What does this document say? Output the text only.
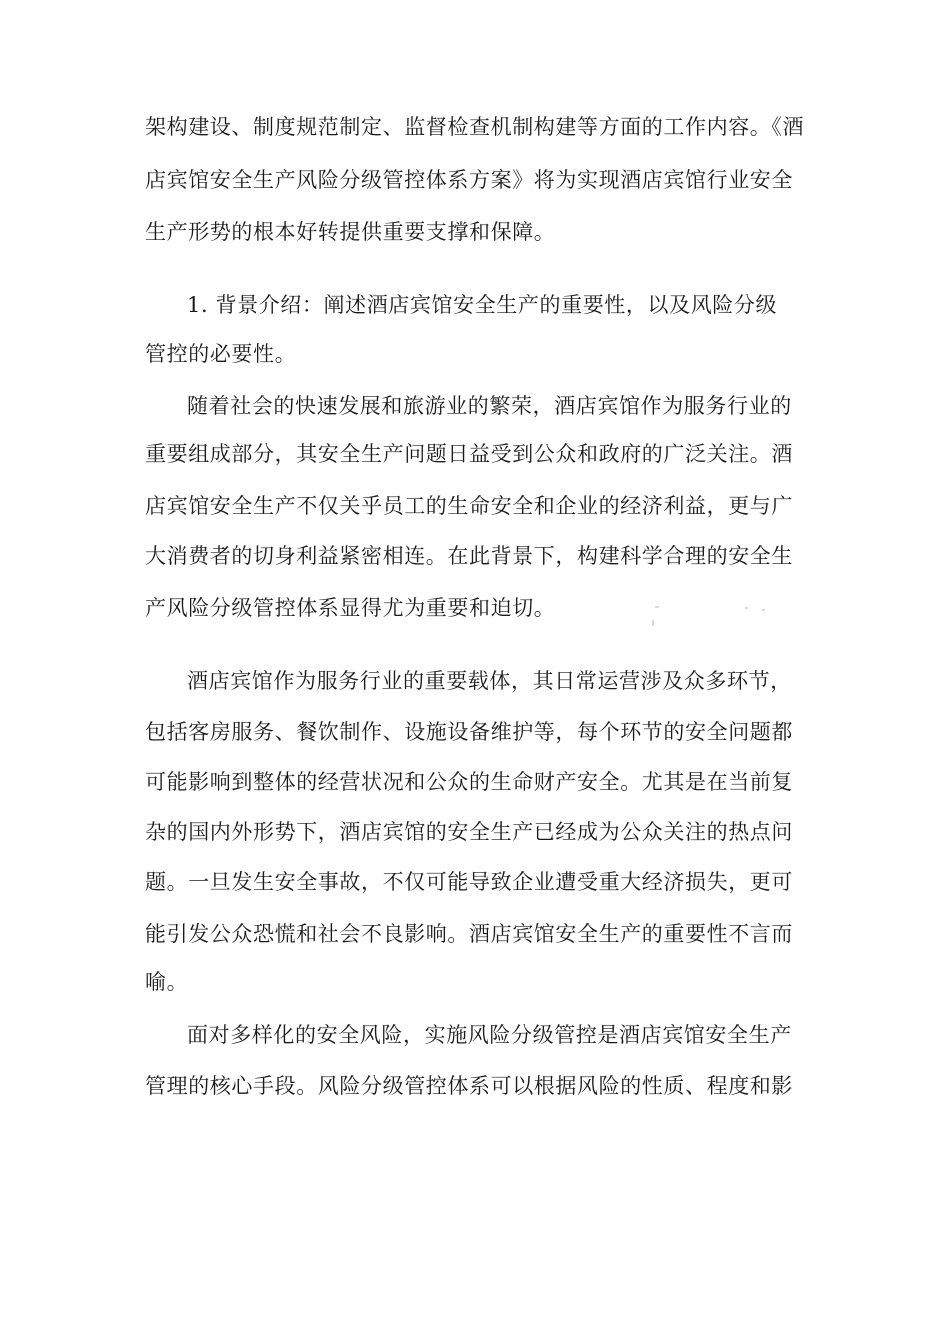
架构建设、制度规范制定、监督检查机制构建等方面的工作内容。《酒
店宾馆安全生产风险分级管控体系方案》将为实现酒店宾馆行业安全
生产形势的根本好转提供重要支撑和保障。
1. 背景介绍：阐述酒店宾馆安全生产的重要性，以及风险分级
管控的必要性。
随着社会的快速发展和旅游业的繁荣，酒店宾馆作为服务行业的
重要组成部分，其安全生产问题日益受到公众和政府的广泛关注。酒
店宾馆安全生产不仅关乎员工的生命安全和企业的经济利益，更与广
大消费者的切身利益紧密相连。在此背景下，构建科学合理的安全生
产风险分级管控体系显得尤为重要和迫切。
酒店宾馆作为服务行业的重要载体，其日常运营涉及众多环节，
包括客房服务、餐饮制作、设施设备维护等，每个环节的安全问题都
可能影响到整体的经营状况和公众的生命财产安全。尤其是在当前复
杂的国内外形势下，酒店宾馆的安全生产已经成为公众关注的热点问
题。一旦发生安全事故，不仅可能导致企业遭受重大经济损失，更可
能引发公众恐慌和社会不良影响。酒店宾馆安全生产的重要性不言而
喻。
面对多样化的安全风险，实施风险分级管控是酒店宾馆安全生产
管理的核心手段。风险分级管控体系可以根据风险的性质、程度和影
